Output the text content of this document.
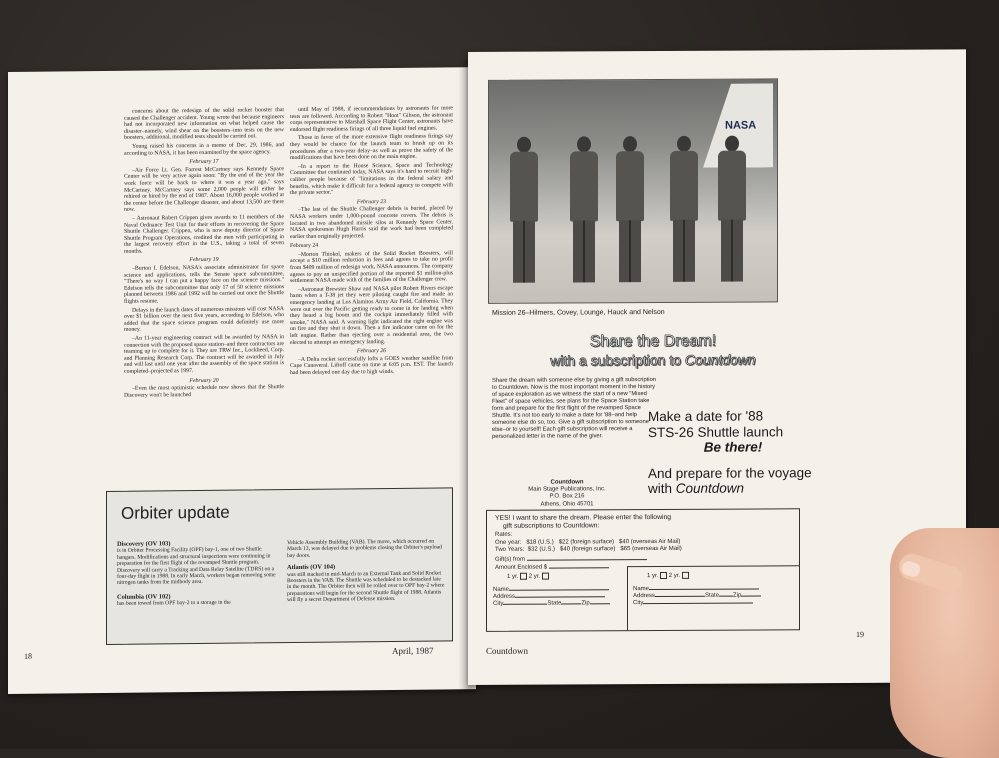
concerns about the redesign of the solid rocket booster that caused the Challenger accident. Young wrote that because engineers had not incorporated new information on what helped cause the disaster–namely, wind shear on the boosters–into tests on the new boosters, additional, modified tests should be carried out.

Young raised his concerns in a memo of Dec. 29, 1986, and according to NASA, it has been examined by the space agency.

February 17

–Air Force Lt. Gen. Forrest McCartney says Kennedy Space Center will be very active again soon: "By the end of the year the work force will be back to where it was a year ago," says McCartney. McCartney says some 2,000 people will either be rehired or hired by the end of 1987. About 16,000 people worked at the center before the Challenger disaster, and about 13,500 are there now.

– Astronaut Robert Crippen gives awards to 11 members of the Naval Ordnance Test Unit for their efforts in recovering the Space Shuttle Challenger. Crippen, who is now deputy director of Space Shuttle Program Operations, credited the men with participating in the largest recovery effort in the U.S., taking a total of seven months.

February 19

–Burton I. Edelson, NASA's associate administrator for space science and applications, tells the Senate space subcommittee, "There's no way I can put a happy face on the science missions." Edelson tells the subcommittee that only 17 of 50 science missions planned between 1986 and 1992 will be carried out once the Shuttle flights resume.

Delays in the launch dates of numerous missions will cost NASA over $1 billion over the next five years, according to Edelson, who added that the space science program could definitely use more money.

–An 11-year engineering contract will be awarded by NASA in connection with the proposed space station–and three contractors are teaming up to complete for it. They are TRW Inc., Lockheed, Corp. and Planning Research Corp. The contract will be awarded in July and will last until one year after the assembly of the space station is completed–projected as 1997.

February 20

–Even the most optimistic schedule now shows that the Shuttle Discovery won't be launched

until May of 1988, if recommendations by astronauts for more tests are followed. According to Robert "Hoot" Gibson, the astronaut corps representative to Marshall Space Flight Center, astronauts have endorsed flight readiness firings of all three liquid fuel engines.

Those in favor of the more extensive flight readiness firings say they would be chance for the launch team to brush up on its procedures after a two-year delay–as well as prove the safety of the modifications that have been done on the main engine.

–In a report to the House Science, Space and Technology Committee that continued today, NASA says it's hard to recruit high-caliber people because of "limitations in the federal salary and benefits, which make it difficult for a federal agency to compete with the private sector."

February 23

–The last of the Shuttle Challenger debris is buried, placed by NASA workers under 1,000-pound concrete covers. The debris is located in two abandoned missile silos at Kennedy Space Center. NASA spokesman Hugh Harris said the work had been completed earlier than originally projected.

February 24

–Morton Thiokol, makers of the Solid Rocket Boosters, will accept a $10 million reduction in fees and agrees to take no profit from $409 million of redesign work, NASA announces. The company agrees to pay an unspecified portion of the reported $1 million-plus settlement NASA made with of the families of the Challenger crew.

–Astronaut Brewster Shaw and NASA pilot Robert Rivers escape harm when a T-38 jet they were piloting caught fire and made an emergency landing at Los Alamitos Army Air Field, California. They were out over the Pacific getting ready to come in for landing when they heard a big boom and the cockpit immediately filled with smoke," NASA said. A warning light indicated the right engine was on fire and they shut it down. Then a fire indicator came on for the left engine. Rather than ejecting over a residential area, the two elected to attempt an emergency landing.

February 26

–A Delta rocket successfully lofts a GOES weather satellite from Cape Canaveral. Liftoff came on time at 6:05 p.m. EST. The launch had been delayed one day due to high winds.

Orbiter update
Discovery (OV 103)
is in Orbiter Processing Facility (OPF) bay-1, one of two Shuttle hangars. Modifications and structural inspections were continuing in preparation for the first flight of the revamped Shuttle program. Discovery will carry a Tracking and Data Relay Satellite (TDRS) on a four-day flight in 1988. In early March, workers began removing some nitrogen tanks from the midbody area.
Columbia (OV 102)
has been towed from OPF bay-2 to a storage in the
Vehicle Assembly Building (VAB). The move, which occurred on March 13, was delayed due to problems closing the Orbiter's payload bay doors.
Atlantis (OV 104)
was still stacked in mid-March to an External Tank and Solid Rocket Boosters in the VAB. The Shuttle was scheduled to be destacked late in the month. The Orbiter then will be rolled over to OPF bay-2 where preparations will begin for the second Shuttle flight of 1988. Atlantis will fly a secret Department of Defense mission.
18
April, 1987
NASA
Mission 26–Hilmers, Covey, Lounge, Hauck and Nelson
Share the Dream!
with a subscription to Countdown
Share the dream with someone else by giving a gift subscription to Countdown. Now is the most important moment in the history of space exploration as we witness the start of a new "Mixed Fleet" of space vehicles, see plans for the Space Station take form and prepare for the first flight of the revamped Space Shuttle. It's not too early to make a date for '88–and help someone else do so, too. Give a gift subscription to someone else–or to yourself! Each gift subscription will receive a personalized letter in the name of the giver.
Countdown
Main Stage Publications, Inc.
P.O. Box 216
Athens, Ohio 45701
Make a date for '88
STS-26 Shuttle launch
Be there!
And prepare for the voyage
with Countdown
YES! I want to share the dream. Please enter the following
gift subscriptions to Countdown:
Rates:
One year:   $18 (U.S.)   $22 (foreign surface)   $40 (overseas Air Mail)
Two Years:  $32 (U.S.)   $40 (foreign surface)   $65 (overseas Air Mail)
Gift(s) from
Amount Enclosed $
1 yr. 2 yr.
Name
Address
City	State	Zip
1 yr. 2 yr.
Name
Address	State Zip
City
Countdown
19
